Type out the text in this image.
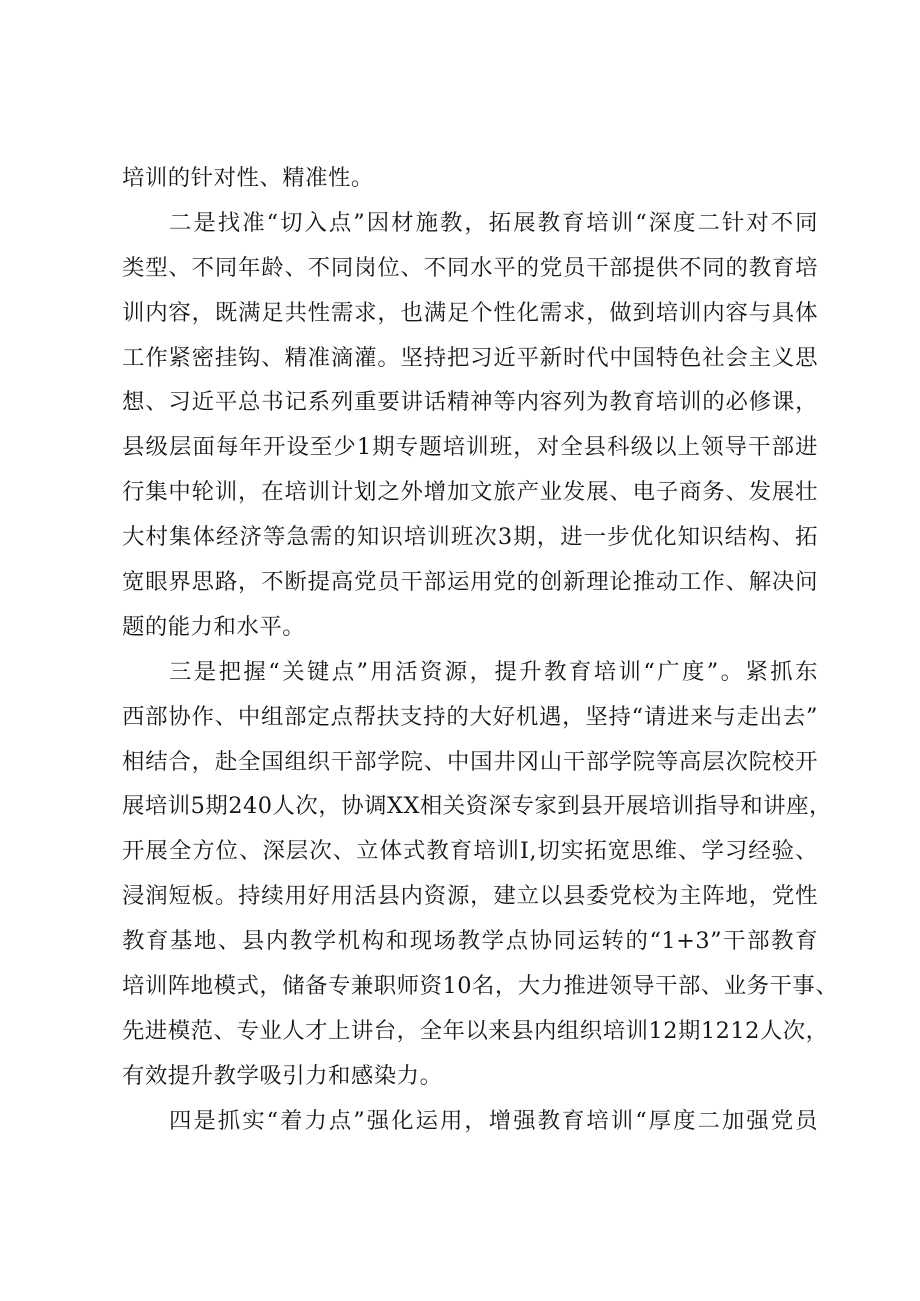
培训的针对性、精准性。
二是找准“切入点”因材施教，拓展教育培训“深度二针对不同
类型、不同年龄、不同岗位、不同水平的党员干部提供不同的教育培
训内容，既满足共性需求，也满足个性化需求，做到培训内容与具体
工作紧密挂钩、精准滴灌。坚持把习近平新时代中国特色社会主义思
想、习近平总书记系列重要讲话精神等内容列为教育培训的必修课，
县级层面每年开设至少1期专题培训班，对全县科级以上领导干部进
行集中轮训，在培训计划之外增加文旅产业发展、电子商务、发展壮
大村集体经济等急需的知识培训班次3期，进一步优化知识结构、拓
宽眼界思路，不断提高党员干部运用党的创新理论推动工作、解决问
题的能力和水平。
三是把握“关键点”用活资源，提升教育培训“广度”。紧抓东
西部协作、中组部定点帮扶支持的大好机遇，坚持“请进来与走出去”
相结合，赴全国组织干部学院、中国井冈山干部学院等高层次院校开
展培训5期240人次，协调XX相关资深专家到县开展培训指导和讲座，
开展全方位、深层次、立体式教育培训I,切实拓宽思维、学习经验、
浸润短板。持续用好用活县内资源，建立以县委党校为主阵地，党性
教育基地、县内教学机构和现场教学点协同运转的“1+3”干部教育
培训阵地模式，储备专兼职师资10名，大力推进领导干部、业务干事、
先进模范、专业人才上讲台，全年以来县内组织培训12期1212人次，
有效提升教学吸引力和感染力。
四是抓实“着力点”强化运用，增强教育培训“厚度二加强党员
